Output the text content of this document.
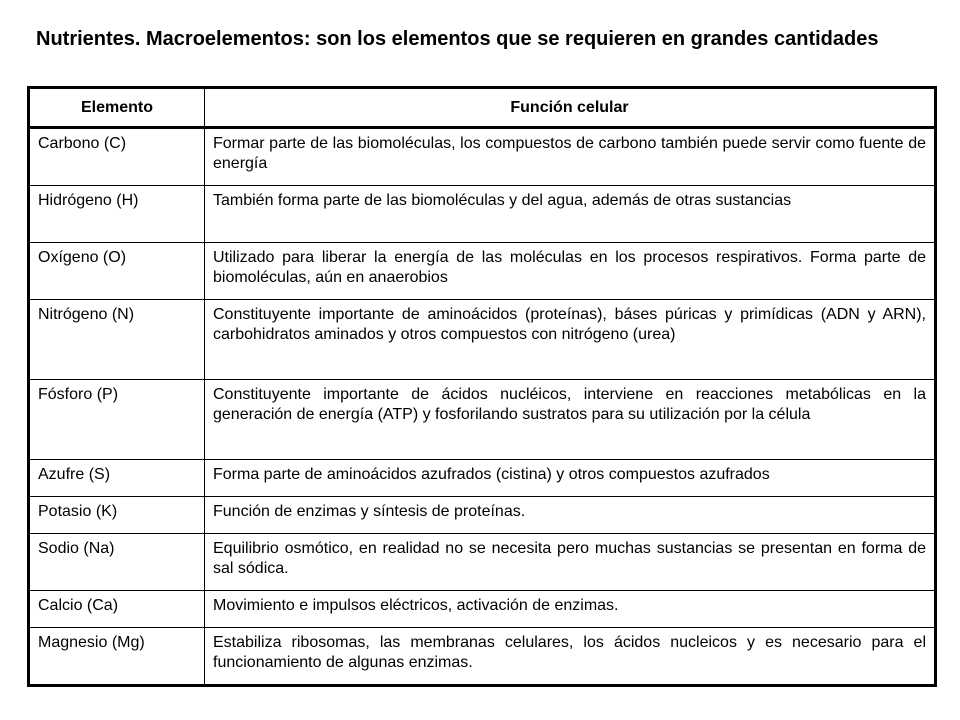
Nutrientes. Macroelementos: son los elementos que se requieren en grandes cantidades
Elemento	Función celular
Carbono (C)	Formar parte de las biomoléculas, los compuestos de carbono también puede servir como fuente de energía
Hidrógeno (H)	También forma parte de las biomoléculas y del agua, además de otras sustancias
Oxígeno (O)	Utilizado para liberar la energía de las moléculas en los procesos respirativos. Forma parte de biomoléculas, aún en anaerobios
Nitrógeno (N)	Constituyente importante de aminoácidos (proteínas), báses púricas y primídicas (ADN y ARN), carbohidratos aminados y otros compuestos con nitrógeno (urea)
Fósforo (P)	Constituyente importante de ácidos nucléicos, interviene en reacciones metabólicas en la generación de energía (ATP) y fosforilando sustratos para su utilización por la célula
Azufre (S)	Forma parte de aminoácidos azufrados (cistina) y otros compuestos azufrados
Potasio (K)	Función de enzimas y síntesis de proteínas.
Sodio (Na)	Equilibrio osmótico, en realidad no se necesita pero muchas sustancias se presentan en forma de sal sódica.
Calcio (Ca)	Movimiento e impulsos eléctricos, activación de enzimas.
Magnesio (Mg)	Estabiliza ribosomas, las membranas celulares, los ácidos nucleicos y es necesario para el funcionamiento de algunas enzimas.
